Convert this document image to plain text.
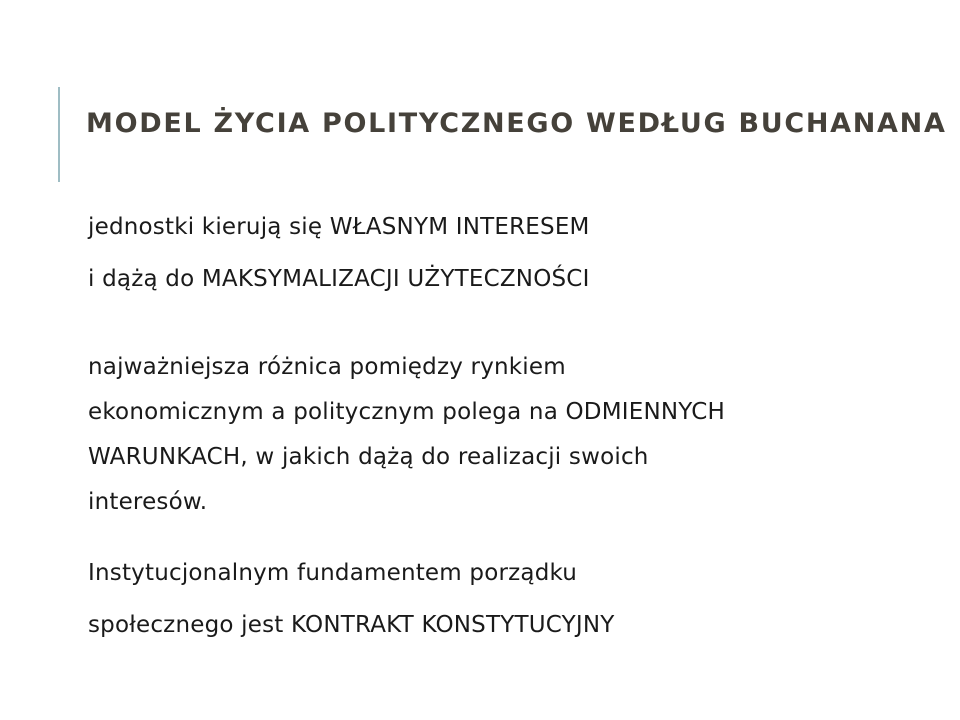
MODEL ŻYCIA POLITYCZNEGO WEDŁUG BUCHANANA

jednostki kierują się WŁASNYM INTERESEM

i dążą do MAKSYMALIZACJI UŻYTECZNOŚCI

najważniejsza różnica pomiędzy rynkiem
ekonomicznym a politycznym polega na ODMIENNYCH
WARUNKACH, w jakich dążą do realizacji swoich
interesów.

Instytucjonalnym fundamentem porządku

społecznego jest KONTRAKT KONSTYTUCYJNY
